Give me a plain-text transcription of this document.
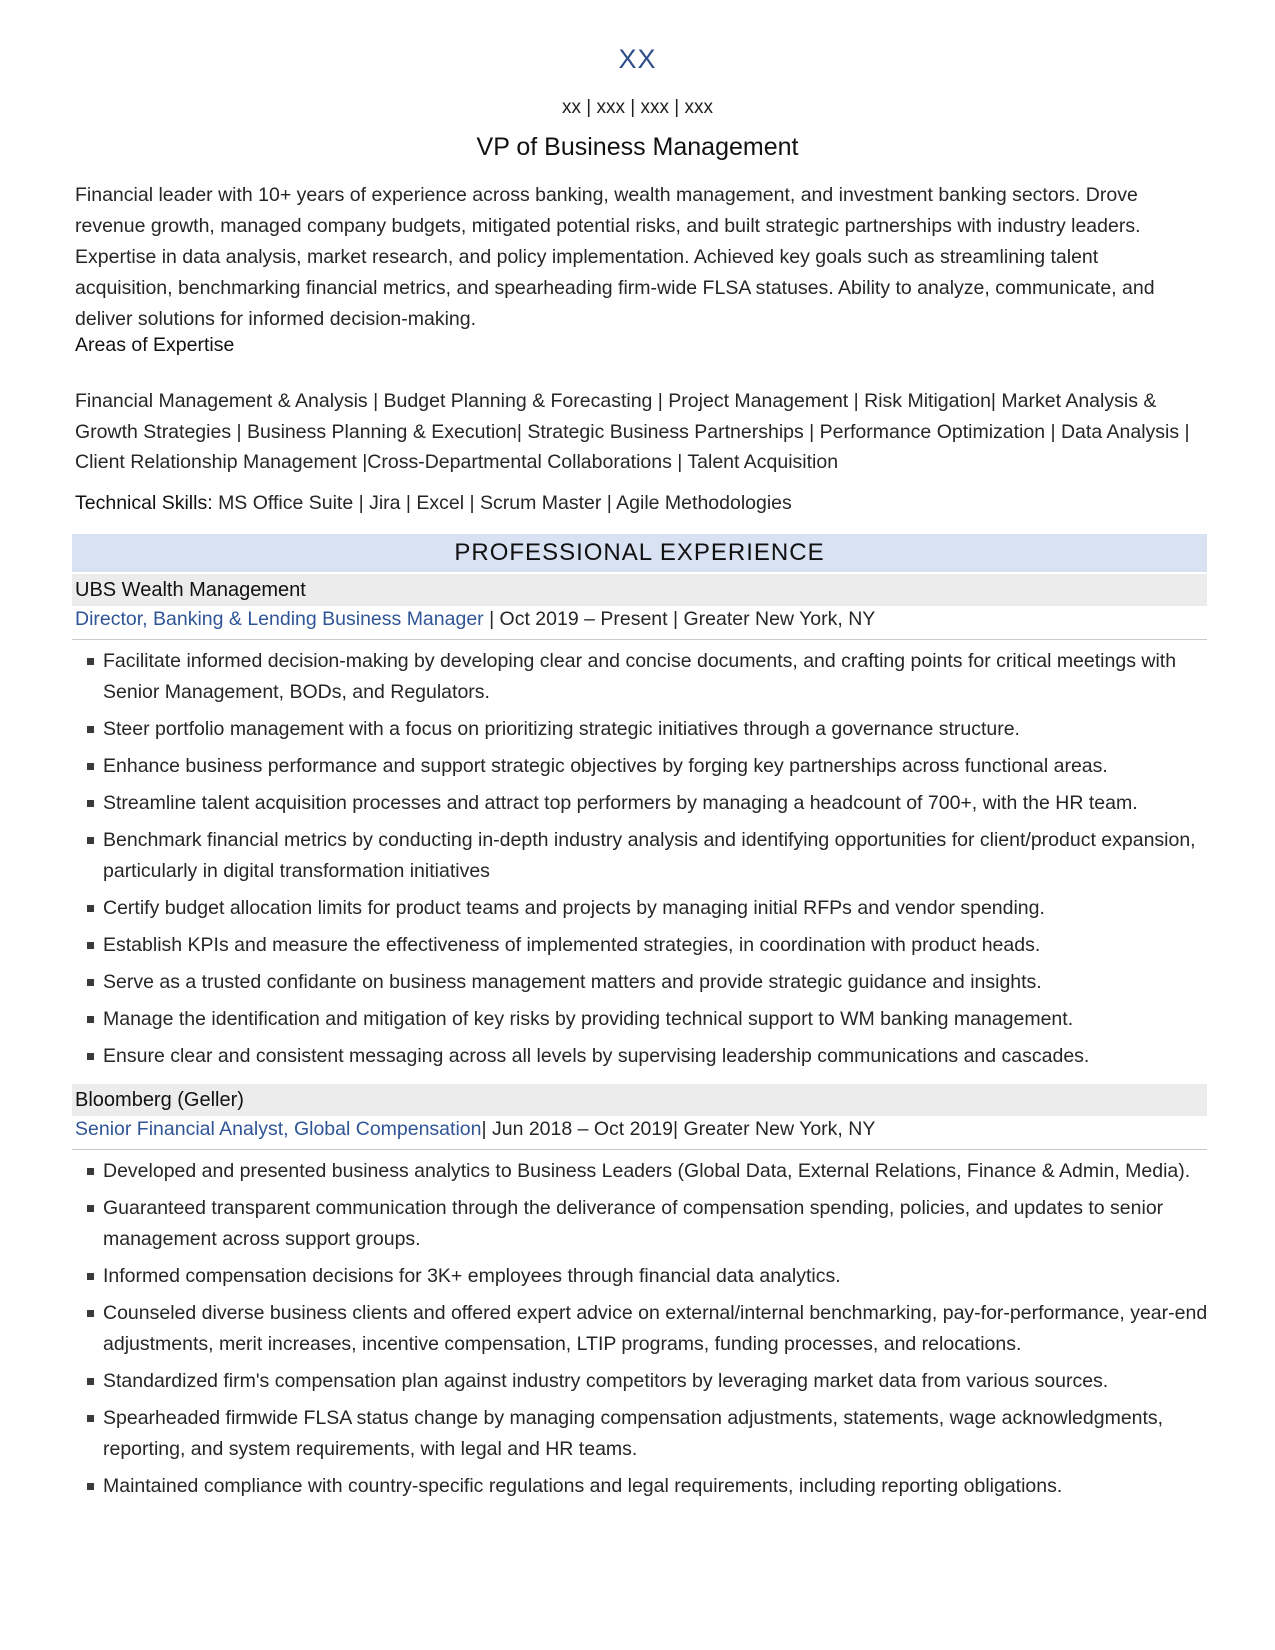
XX
xx | xxx | xxx | xxx
VP of Business Management

Financial leader with 10+ years of experience across banking, wealth management, and investment banking sectors. Drove revenue growth, managed company budgets, mitigated potential risks, and built strategic partnerships with industry leaders. Expertise in data analysis, market research, and policy implementation. Achieved key goals such as streamlining talent acquisition, benchmarking financial metrics, and spearheading firm-wide FLSA statuses. Ability to analyze, communicate, and deliver solutions for informed decision-making.

Areas of Expertise

Financial Management & Analysis | Budget Planning & Forecasting | Project Management | Risk Mitigation| Market Analysis & Growth Strategies | Business Planning & Execution| Strategic Business Partnerships | Performance Optimization | Data Analysis | Client Relationship Management |Cross-Departmental Collaborations | Talent Acquisition

Technical Skills: MS Office Suite | Jira | Excel | Scrum Master | Agile Methodologies

PROFESSIONAL EXPERIENCE
UBS Wealth Management

Director, Banking & Lending Business Manager | Oct 2019 – Present | Greater New York, NY

Facilitate informed decision-making by developing clear and concise documents, and crafting points for critical meetings with Senior Management, BODs, and Regulators.
Steer portfolio management with a focus on prioritizing strategic initiatives through a governance structure.
Enhance business performance and support strategic objectives by forging key partnerships across functional areas.
Streamline talent acquisition processes and attract top performers by managing a headcount of 700+, with the HR team.
Benchmark financial metrics by conducting in-depth industry analysis and identifying opportunities for client/product expansion, particularly in digital transformation initiatives
Certify budget allocation limits for product teams and projects by managing initial RFPs and vendor spending.
Establish KPIs and measure the effectiveness of implemented strategies, in coordination with product heads.
Serve as a trusted confidante on business management matters and provide strategic guidance and insights.
Manage the identification and mitigation of key risks by providing technical support to WM banking management.
Ensure clear and consistent messaging across all levels by supervising leadership communications and cascades.
Bloomberg (Geller)

Senior Financial Analyst, Global Compensation| Jun 2018 – Oct 2019| Greater New York, NY

Developed and presented business analytics to Business Leaders (Global Data, External Relations, Finance & Admin, Media).
Guaranteed transparent communication through the deliverance of compensation spending, policies, and updates to senior management across support groups.
Informed compensation decisions for 3K+ employees through financial data analytics.
Counseled diverse business clients and offered expert advice on external/internal benchmarking, pay-for-performance, year-end adjustments, merit increases, incentive compensation, LTIP programs, funding processes, and relocations.
Standardized firm's compensation plan against industry competitors by leveraging market data from various sources.
Spearheaded firmwide FLSA status change by managing compensation adjustments, statements, wage acknowledgments, reporting, and system requirements, with legal and HR teams.
Maintained compliance with country-specific regulations and legal requirements, including reporting obligations.
